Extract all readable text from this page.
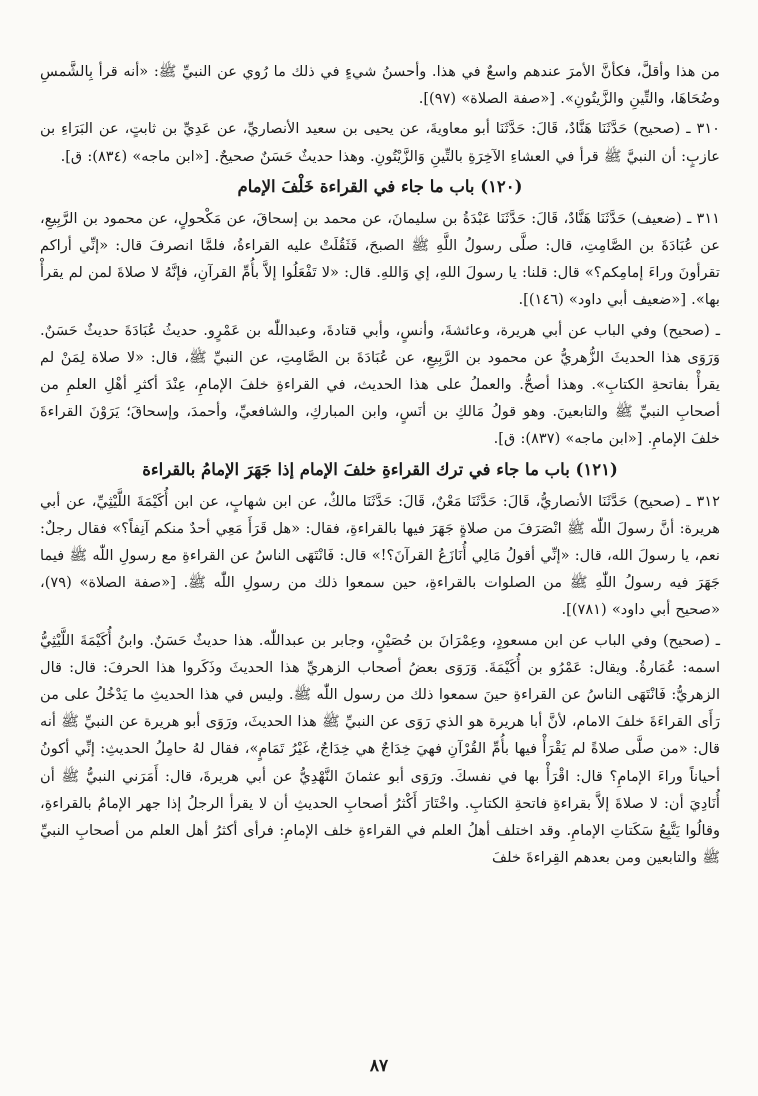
من هذا وأقلَّ، فكأنَّ الأمرَ عندهم واسعٌ في هذا. وأحسنُ شيءٍ في ذلك ما رُوي عن النبيِّ ﷺ: «أنه قرأ بِالشَّمسِ وضُحَاهَا، والتِّينِ والزَّيتُونِ». [«صفة الصلاة» (٩٧)].

٣١٠ ـ (صحيح) حَدَّثَنَا هَنَّادٌ، قَالَ: حَدَّثَنَا أبو معاويةَ، عن يحيى بن سعيد الأنصاريِّ، عن عَدِيِّ بن ثابتٍ، عن البَرَاءِ بن عازبٍ: أن النبيَّ ﷺ قرأ في العشاءِ الآخِرَةِ بالتِّينِ وَالزَّيْتُونِ. وهذا حديثٌ حَسَنٌ صحيحٌ. [«ابن ماجه» (٨٣٤): ق].

(١٢٠) باب ما جاء في القراءة خَلْفَ الإمام

٣١١ ـ (ضعيف) حَدَّثَنَا هَنَّادٌ، قَالَ: حَدَّثَنَا عَبْدَةُ بن سليمانَ، عن محمد بن إسحاقَ، عن مَكْحولٍ، عن محمود بن الرَّبِيعِ، عن عُبَادَةَ بن الصَّامِتِ، قال: صلَّى رسولُ اللَّهِ ﷺ الصبحَ، فَثَقُلَتْ عليه القراءةُ، فلمَّا انصرفَ قال: «إنِّي أراكم تقرأونَ وراءَ إمامِكم؟» قال: قلنا: يا رسولَ اللهِ، إي وَاللهِ. قال: «لا تَفْعَلُوا إلاَّ بأُمِّ القرآنِ، فإنَّهُ لا صلاةَ لمن لم يقرأْ بها». [«ضعيف أبي داود» (١٤٦)].

ـ (صحيح) وفي الباب عن أبي هريرة، وعائشةَ، وأنسٍ، وأبي قتادةَ، وعبداللّٰه بن عَمْرٍو. حديثُ عُبَادَةَ حديثٌ حَسَنٌ. وَرَوَى هذا الحديثَ الزُّهريُّ عن محمود بن الرَّبِيعِ، عن عُبَادَةَ بن الصَّامِتِ، عن النبيِّ ﷺ، قال: «لا صلاة لِمَنْ لم يقرأْ بفاتحةِ الكتابِ». وهذا أصحُّ. والعملُ على هذا الحديث، في القراءةِ خلفَ الإمامِ، عِنْدَ أكثرِ أهْلِ العلمِ من أصحابِ النبيِّ ﷺ والتابعينَ. وهو قولُ مَالكِ بن أنَسٍ، وابن المباركِ، والشافعيِّ، وأحمدَ، وإسحاقَ؛ يَرَوْنَ القراءةَ خلفَ الإمامِ. [«ابن ماجه» (٨٣٧): ق].

(١٢١) باب ما جاء في ترك القراءةِ خلفَ الإمام إذا جَهَرَ الإمامُ بالقراءة

٣١٢ ـ (صحيح) حَدَّثَنَا الأنصاريُّ، قَالَ: حَدَّثَنَا مَعْنٌ، قَالَ: حَدَّثَنَا مالكٌ، عن ابن شهابٍ، عن ابن أُكَيْمَةَ اللَّيْثِيِّ، عن أبي هريرة: أنَّ رسولَ اللّٰه ﷺ انْصَرَفَ من صلاةٍ جَهَرَ فيها بالقراءةِ، فقال: «هل قَرَأَ مَعِي أحدٌ منكم آنِفاً؟» فقال رجلٌ: نعم، يا رسولَ الله، قال: «إنِّي أقولُ مَالِي أُنَازَعُ القرآنَ؟!» قال: فَانْتَهَى الناسُ عن القراءةِ مع رسولِ اللّٰه ﷺ فيما جَهَرَ فيه رسولُ اللّٰهِ ﷺ من الصلوات بالقراءةِ، حين سمعوا ذلك من رسولِ اللّٰه ﷺ. [«صفة الصلاة» (٧٩)، «صحيح أبي داود» (٧٨١)].

ـ (صحيح) وفي الباب عن ابن مسعودٍ، وعِمْرَانَ بن حُصَيْنٍ، وجابر بن عبداللّٰه. هذا حديثٌ حَسَنٌ. وابنُ أُكَيْمَةَ اللَّيْثِيُّ اسمه: عُمَارةُ. ويقال: عَمْرُو بن أُكَيْمَةَ. وَرَوَى بعضُ أصحاب الزهريِّ هذا الحديثَ وذَكَروا هذا الحرفَ: قال: قال الزهريُّ: فَانْتَهَى الناسُ عن القراءةِ حينَ سمعوا ذلك من رسول اللّٰه ﷺ. وليس في هذا الحديثِ ما يَدْخُلُ على من رَأَى القراءَةَ خلفَ الامام، لأنَّ أبا هريرة هو الذي رَوَى عن النبيِّ ﷺ هذا الحديثَ، ورَوَى أبو هريرة عن النبيِّ ﷺ أنه قال: «من صلَّى صلاةً لم يَقْرَأْ فيها بأُمِّ القُرْآنِ فهيَ خِدَاجٌ هي خِدَاجٌ، غَيْرُ تَمَامٍ»، فقال لهُ حامِلُ الحديثِ: إنِّي أكونُ أحياناً وراءَ الإمامِ؟ قال: اقْرَأْ بها في نفسكَ. ورَوَى أبو عثمانَ النَّهْدِيُّ عن أبي هريرةَ، قال: أَمَرَني النبيُّ ﷺ أن أُنَادِيَ أن: لا صلاةَ إلاَّ بقراءةِ فاتحةِ الكتابِ. واخْتَارَ أَكْثرُ أصحابِ الحديثِ أن لا يقرأ الرجلُ إذا جهر الإمامُ بالقراءةِ، وقالُوا يَتَّبِعُ سَكَتاتِ الإمامِ. وقد اختلف أهلُ العلم في القراءةِ خلف الإمامِ: فرأى أكثرُ أهل العلم من أصحابِ النبيِّ ﷺ والتابعين ومن بعدهم القِراءةَ خلفَ

٨٧
